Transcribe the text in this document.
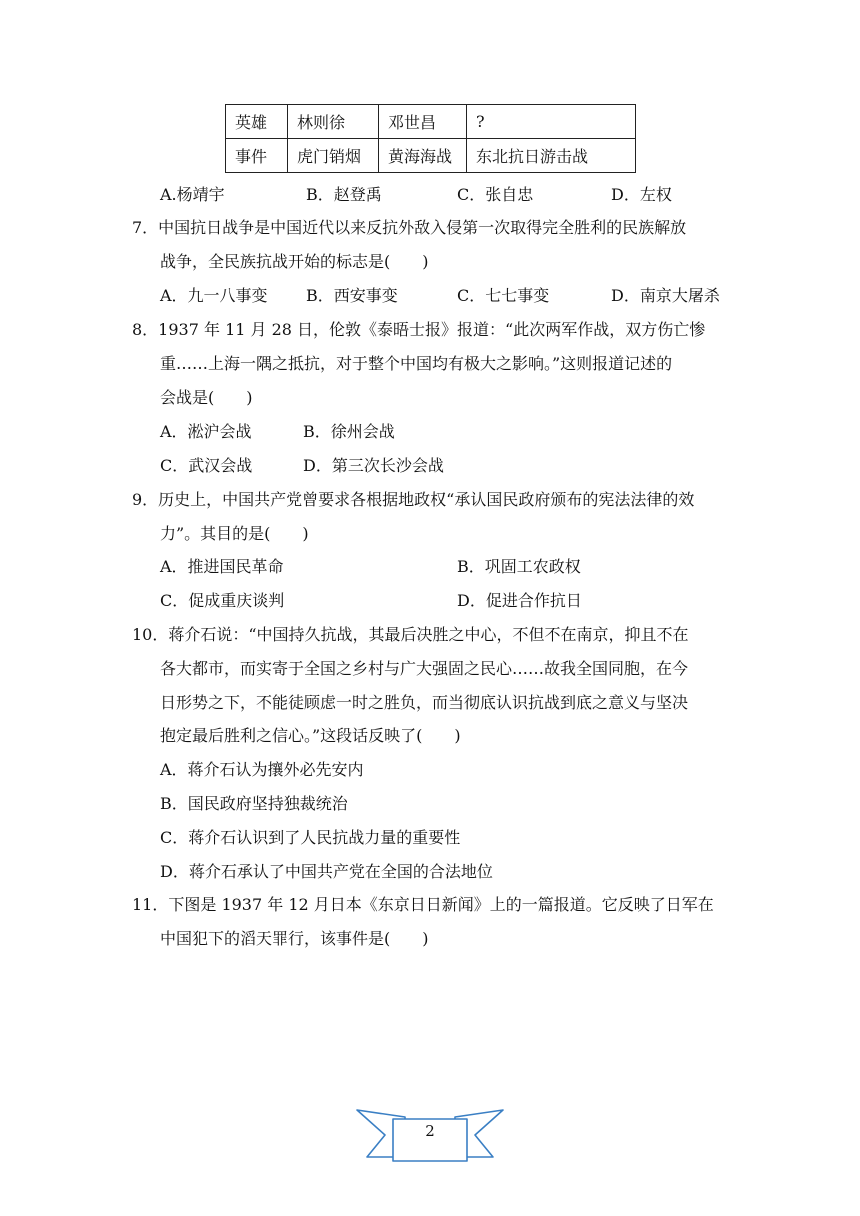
英雄	林则徐	邓世昌	?
事件	虎门销烟	黄海海战	东北抗日游击战
A.杨靖宇	B．赵登禹	C．张自忠	D．左权
7．中国抗日战争是中国近代以来反抗外敌入侵第一次取得完全胜利的民族解放
战争，全民族抗战开始的标志是(　　)
A．九一八事变 B．西安事变	C．七七事变	D．南京大屠杀
8．1937 年 11 月 28 日，伦敦《泰晤士报》报道：“此次两军作战，双方伤亡惨
重……上海一隅之抵抗，对于整个中国均有极大之影响。”这则报道记述的
会战是(　　)
A．淞沪会战	B．徐州会战
C．武汉会战	D．第三次长沙会战
9．历史上，中国共产党曾要求各根据地政权“承认国民政府颁布的宪法法律的效
力”。其目的是(　　)
A．推进国民革命	B．巩固工农政权
C．促成重庆谈判	D．促进合作抗日
10．蒋介石说：“中国持久抗战，其最后决胜之中心，不但不在南京，抑且不在
各大都市，而实寄于全国之乡村与广大强固之民心……故我全国同胞，在今
日形势之下，不能徒顾虑一时之胜负，而当彻底认识抗战到底之意义与坚决
抱定最后胜利之信心。”这段话反映了(　　)
A．蒋介石认为攘外必先安内
B．国民政府坚持独裁统治
C．蒋介石认识到了人民抗战力量的重要性
D．蒋介石承认了中国共产党在全国的合法地位
11．下图是 1937 年 12 月日本《东京日日新闻》上的一篇报道。它反映了日军在
中国犯下的滔天罪行，该事件是(　　)
2
